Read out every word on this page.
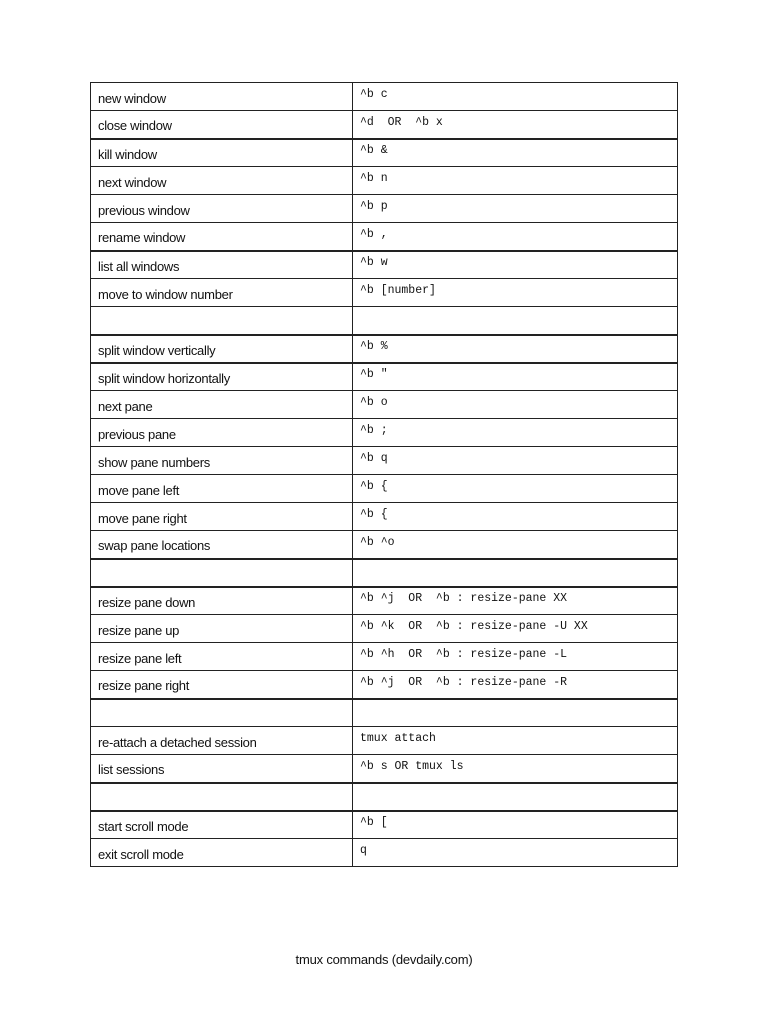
new window	^b c
close window	^d  OR  ^b x
kill window	^b &
next window	^b n
previous window	^b p
rename window	^b ,
list all windows	^b w
move to window number	^b [number]

split window vertically	^b %
split window horizontally	^b "
next pane	^b o
previous pane	^b ;
show pane numbers	^b q
move pane left	^b {
move pane right	^b {
swap pane locations	^b ^o

resize pane down	^b ^j  OR  ^b : resize-pane XX
resize pane up	^b ^k  OR  ^b : resize-pane -U XX
resize pane left	^b ^h  OR  ^b : resize-pane -L
resize pane right	^b ^j  OR  ^b : resize-pane -R

re-attach a detached session	tmux attach
list sessions	^b s OR tmux ls

start scroll mode	^b [
exit scroll mode	q
tmux commands (devdaily.com)
